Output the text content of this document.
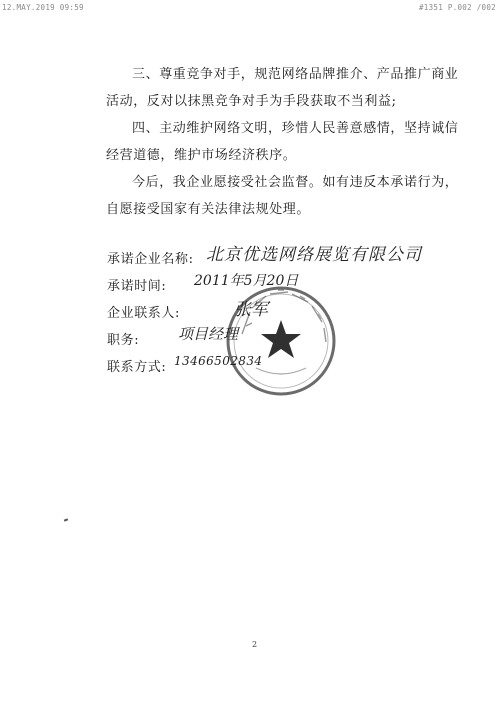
12.MAY.2019 09:59	#1351 P.002 /002
三、尊重竞争对手，规范网络品牌推介、产品推广商业
活动，反对以抹黑竞争对手为手段获取不当利益;
四、主动维护网络文明，珍惜人民善意感情，坚持诚信
经营道德，维护市场经济秩序。
今后，我企业愿接受社会监督。如有违反本承诺行为，
自愿接受国家有关法律法规处理。
承诺企业名称: 北京优选网络展览有限公司
承诺时间: 2011年5月20日
企业联系人:	张军
职务:	项目经理
联系方式: 13466502834
2
